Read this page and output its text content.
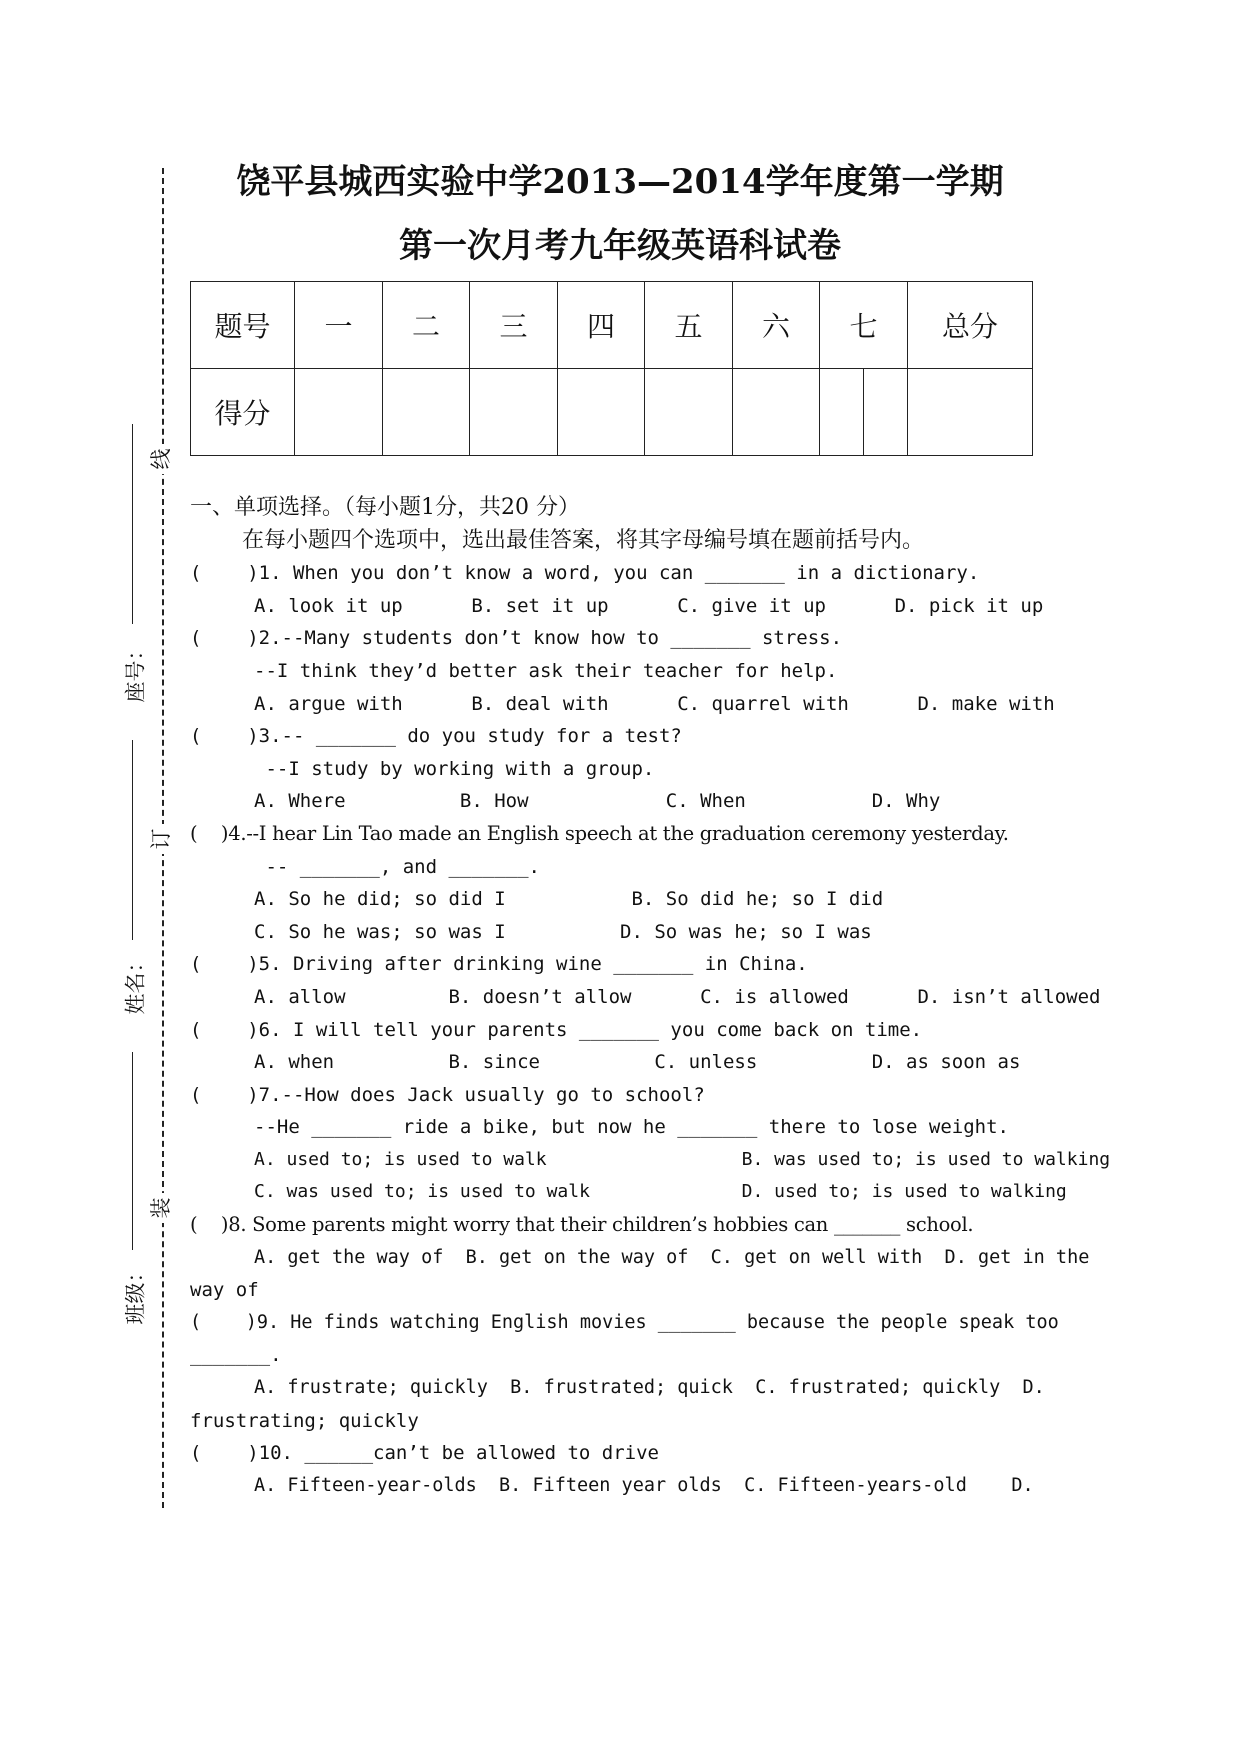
线
订
装
座号：
姓名：
班级：
饶平县城西实验中学2013—2014学年度第一学期
第一次月考九年级英语科试卷
题号	一	二	三	四	五	六	七	总分
得分							

一、单项选择。（每小题1分，共20 分）
在每小题四个选项中，选出最佳答案，将其字母编号填在题前括号内。
(    )1. When you don’t know a word, you can _______ in a dictionary.
A. look it up      B. set it up      C. give it up      D. pick it up
(    )2.--Many students don’t know how to _______ stress.
--I think they’d better ask their teacher for help.
A. argue with      B. deal with      C. quarrel with      D. make with
(    )3.-- _______ do you study for a test?
--I study by working with a group.
A. Where          B. How            C. When           D. Why
(    )4.--I hear Lin Tao made an English speech at the graduation ceremony yesterday.
-- _______, and _______.
A. So he did; so did I           B. So did he; so I did
C. So he was; so was I          D. So was he; so I was
(    )5. Driving after drinking wine _______ in China.
A. allow         B. doesn’t allow      C. is allowed      D. isn’t allowed
(    )6. I will tell your parents _______ you come back on time.
A. when          B. since          C. unless          D. as soon as
(    )7.--How does Jack usually go to school?
--He _______ ride a bike, but now he _______ there to lose weight.
A. used to; is used to walk                  B. was used to; is used to walking
C. was used to; is used to walk              D. used to; is used to walking
(    )8. Some parents might worry that their children’s hobbies can _______ school.
A. get the way of  B. get on the way of  C. get on well with  D. get in the
way of
(    )9. He finds watching English movies _______ because the people speak too
_______.
A. frustrate; quickly  B. frustrated; quick  C. frustrated; quickly  D.
frustrating; quickly
(    )10. ______can’t be allowed to drive
A. Fifteen-year-olds  B. Fifteen year olds  C. Fifteen-years-old    D.
